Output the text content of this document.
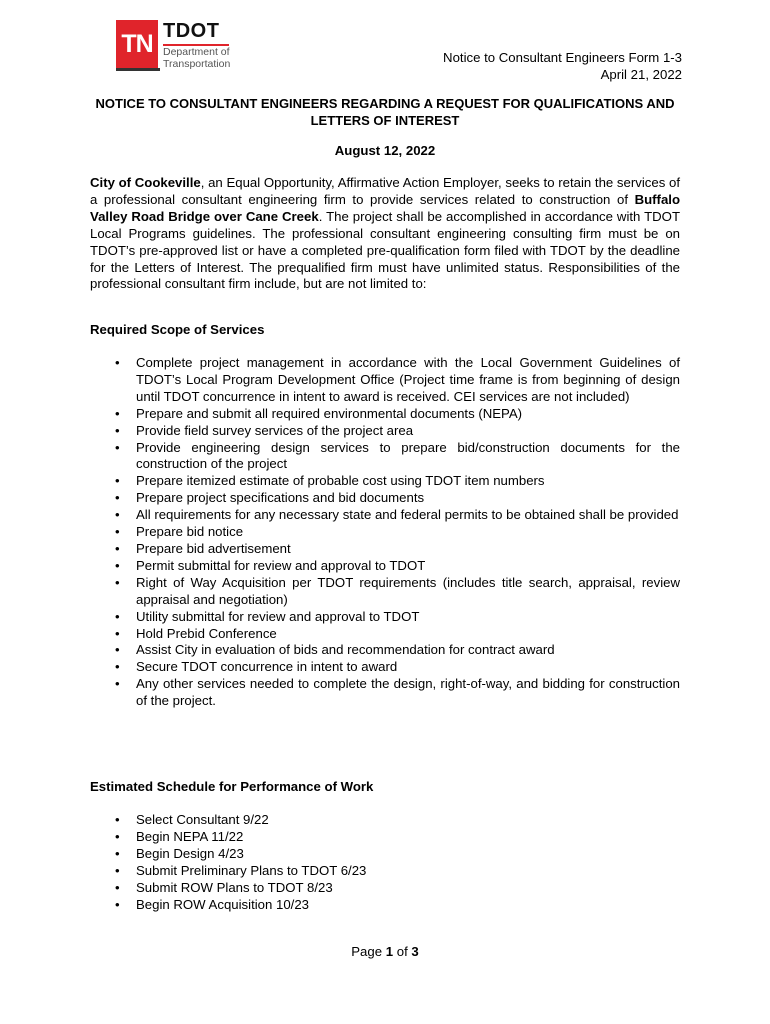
TN TDOT
Department of
Transportation	Notice to Consultant Engineers Form 1-3
April 21, 2022
NOTICE TO CONSULTANT ENGINEERS REGARDING A REQUEST FOR QUALIFICATIONS AND LETTERS OF INTEREST
August 12, 2022

City of Cookeville, an Equal Opportunity, Affirmative Action Employer, seeks to retain the services of a professional consultant engineering firm to provide services related to construction of Buffalo Valley Road Bridge over Cane Creek. The project shall be accomplished in accordance with TDOT Local Programs guidelines. The professional consultant engineering consulting firm must be on TDOT’s pre-approved list or have a completed pre-qualification form filed with TDOT by the deadline for the Letters of Interest. The prequalified firm must have unlimited status. Responsibilities of the professional consultant firm include, but are not limited to:

Required Scope of Services
• Complete project management in accordance with the Local Government Guidelines of TDOT’s Local Program Development Office (Project time frame is from beginning of design until TDOT concurrence in intent to award is received. CEI services are not included)
• Prepare and submit all required environmental documents (NEPA)
• Provide field survey services of the project area
• Provide engineering design services to prepare bid/construction documents for the construction of the project
• Prepare itemized estimate of probable cost using TDOT item numbers
• Prepare project specifications and bid documents
• All requirements for any necessary state and federal permits to be obtained shall be provided
• Prepare bid notice
• Prepare bid advertisement
• Permit submittal for review and approval to TDOT
• Right of Way Acquisition per TDOT requirements (includes title search, appraisal, review appraisal and negotiation)
• Utility submittal for review and approval to TDOT
• Hold Prebid Conference
• Assist City in evaluation of bids and recommendation for contract award
• Secure TDOT concurrence in intent to award
• Any other services needed to complete the design, right-of-way, and bidding for construction of the project.
Estimated Schedule for Performance of Work
• Select Consultant 9/22
• Begin NEPA 11/22
• Begin Design 4/23
• Submit Preliminary Plans to TDOT 6/23
• Submit ROW Plans to TDOT 8/23
• Begin ROW Acquisition 10/23
Page 1 of 3
